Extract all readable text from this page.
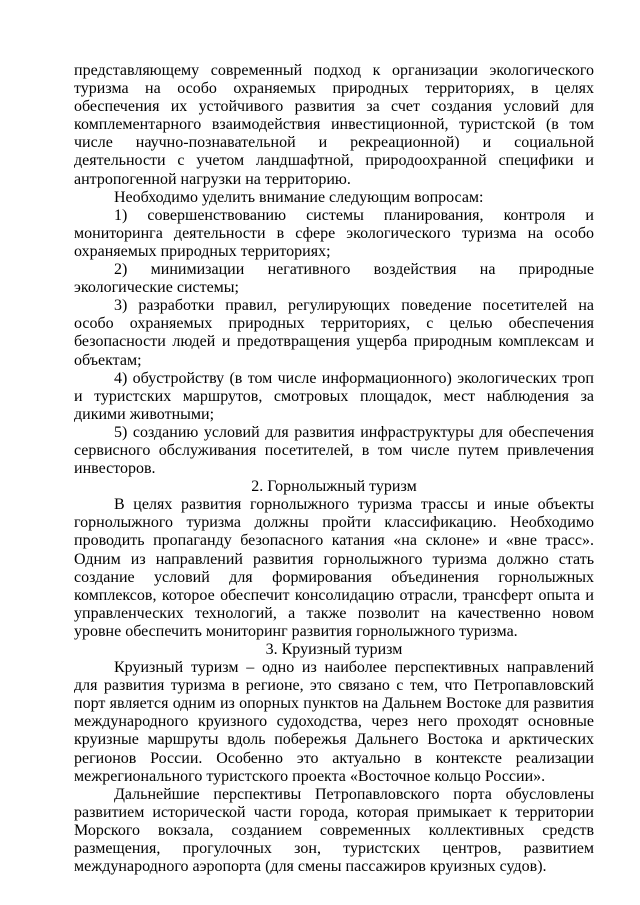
представляющему современный подход к организации экологического туризма на особо охраняемых природных территориях, в целях обеспечения их устойчивого развития за счет создания условий для комплементарного взаимодействия инвестиционной, туристской (в том числе научно-познавательной и рекреационной) и социальной деятельности с учетом ландшафтной, природоохранной специфики и антропогенной нагрузки на территорию.

Необходимо уделить внимание следующим вопросам:

1) совершенствованию системы планирования, контроля и мониторинга деятельности в сфере экологического туризма на особо охраняемых природных территориях;

2) минимизации негативного воздействия на природные экологические системы;

3) разработки правил, регулирующих поведение посетителей на особо охраняемых природных территориях, с целью обеспечения безопасности людей и предотвращения ущерба природным комплексам и объектам;

4) обустройству (в том числе информационного) экологических троп и туристских маршрутов, смотровых площадок, мест наблюдения за дикими животными;

5) созданию условий для развития инфраструктуры для обеспечения сервисного обслуживания посетителей, в том числе путем привлечения инвесторов.

2. Горнолыжный туризм

В целях развития горнолыжного туризма трассы и иные объекты горнолыжного туризма должны пройти классификацию. Необходимо проводить пропаганду безопасного катания «на склоне» и «вне трасс». Одним из направлений развития горнолыжного туризма должно стать создание условий для формирования объединения горнолыжных комплексов, которое обеспечит консолидацию отрасли, трансферт опыта и управленческих технологий, а также позволит на качественно новом уровне обеспечить мониторинг развития горнолыжного туризма.

3. Круизный туризм

Круизный туризм – одно из наиболее перспективных направлений для развития туризма в регионе, это связано с тем, что Петропавловский порт является одним из опорных пунктов на Дальнем Востоке для развития международного круизного судоходства, через него проходят основные круизные маршруты вдоль побережья Дальнего Востока и арктических регионов России. Особенно это актуально в контексте реализации межрегионального туристского проекта «Восточное кольцо России».

Дальнейшие перспективы Петропавловского порта обусловлены развитием исторической части города, которая примыкает к территории Морского вокзала, созданием современных коллективных средств размещения, прогулочных зон, туристских центров, развитием международного аэропорта (для смены пассажиров круизных судов).
